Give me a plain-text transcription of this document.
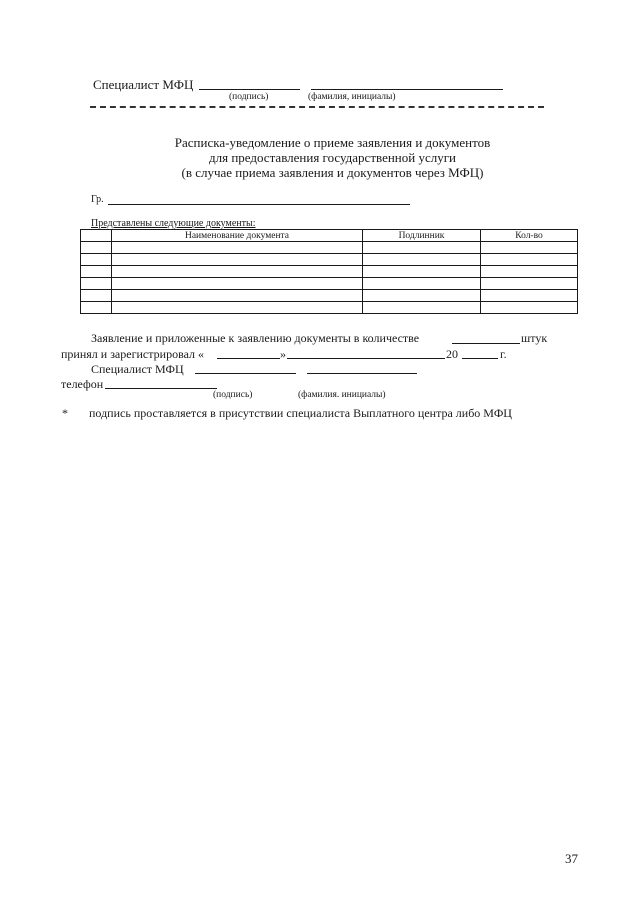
Специалист МФЦ
(подпись)	(фамилия, инициалы)
Расписка-уведомление о приеме заявления и документов
для предоставления государственной услуги
(в случае приема заявления и документов через МФЦ)
Гр.
Представлены следующие документы:
	Наименование документа	Подлинник	Кол-во

Заявление и приложенные к заявлению документы в количестве	штук
принял и зарегистрировал «	»	20	г.
Специалист МФЦ
телефон
(подпись)	(фамилия. инициалы)
* подпись проставляется в присутствии специалиста Выплатного центра либо МФЦ
37
